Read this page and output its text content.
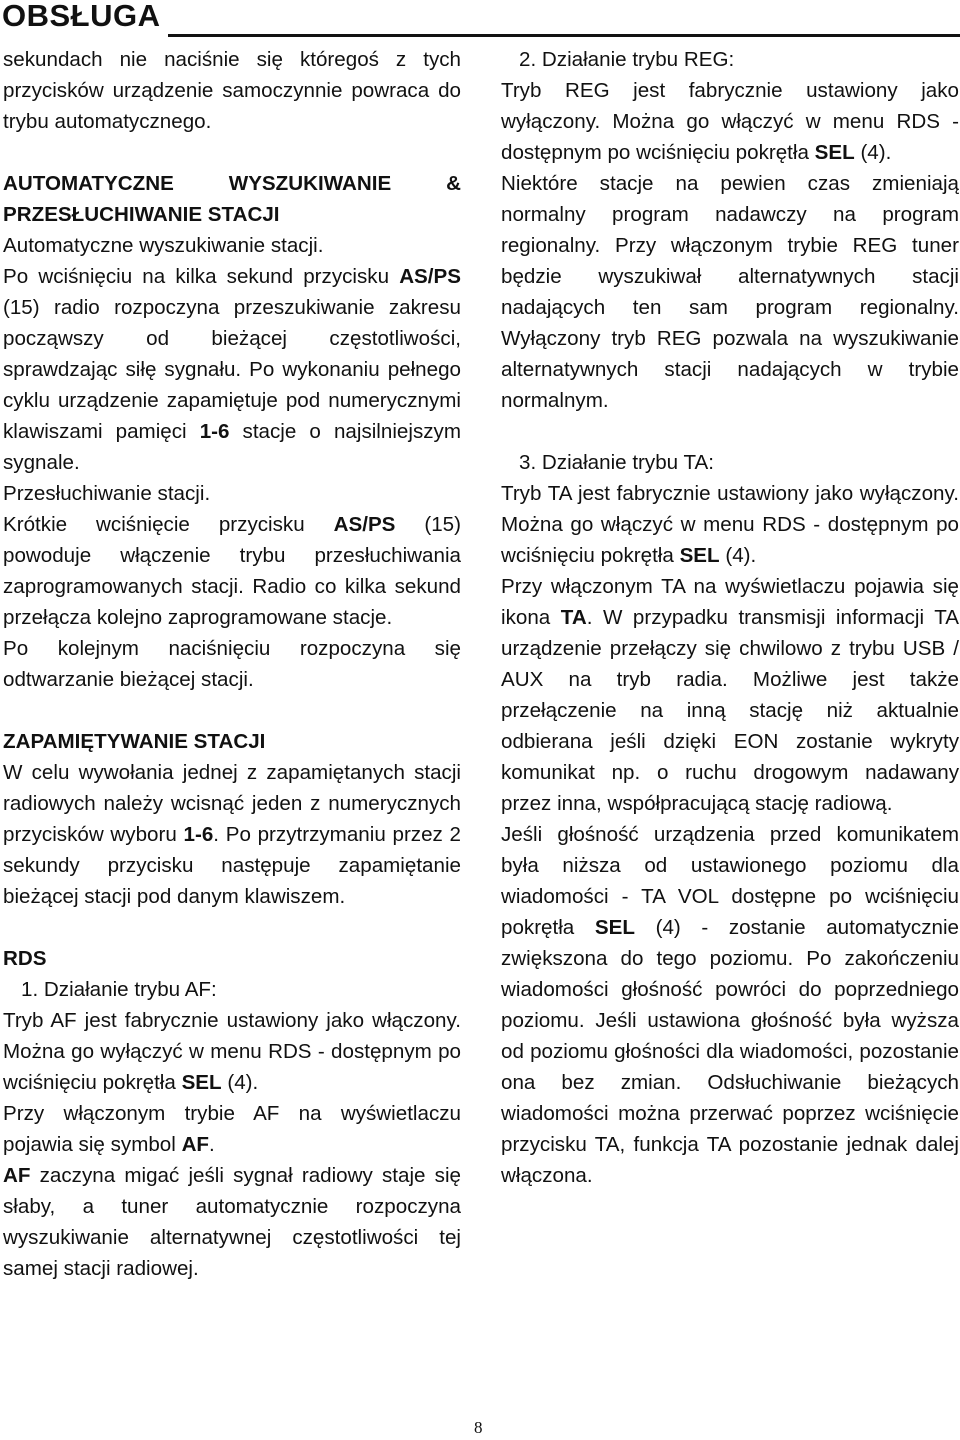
OBSŁUGA

sekundach nie naciśnie się któregoś z tych przycisków urządzenie samoczynnie powraca do trybu automatycznego.

AUTOMATYCZNE WYSZUKIWANIE & PRZESŁUCHIWANIE STACJI

Automatyczne wyszukiwanie stacji.

Po wciśnięciu na kilka sekund przycisku AS/PS (15) radio rozpoczyna przeszukiwanie zakresu począwszy od bieżącej częstotliwości, sprawdzając siłę sygnału. Po wykonaniu pełnego cyklu urządzenie zapamiętuje pod numerycznymi klawiszami pamięci 1-6 stacje o najsilniejszym sygnale.

Przesłuchiwanie stacji.

Krótkie wciśnięcie przycisku AS/PS (15) powoduje włączenie trybu przesłuchiwania zaprogramowanych stacji. Radio co kilka sekund przełącza kolejno zaprogramowane stacje.

Po kolejnym naciśnięciu rozpoczyna się odtwarzanie bieżącej stacji.

ZAPAMIĘTYWANIE STACJI

W celu wywołania jednej z zapamiętanych stacji radiowych należy wcisnąć jeden z numerycznych przycisków wyboru 1-6. Po przytrzymaniu przez 2 sekundy przycisku następuje zapamiętanie bieżącej stacji pod danym klawiszem.

RDS

1. Działanie trybu AF:

Tryb AF jest fabrycznie ustawiony jako włączony. Można go wyłączyć w menu RDS - dostępnym po wciśnięciu pokrętła SEL (4).

Przy włączonym trybie AF na wyświetlaczu pojawia się symbol AF.

AF zaczyna migać jeśli sygnał radiowy staje się słaby, a tuner automatycznie rozpoczyna wyszukiwanie alternatywnej częstotliwości tej samej stacji radiowej.

2. Działanie trybu REG:

Tryb REG jest fabrycznie ustawiony jako wyłączony. Można go włączyć w menu RDS - dostępnym po wciśnięciu pokrętła SEL (4).

Niektóre stacje na pewien czas zmieniają normalny program nadawczy na program regionalny. Przy włączonym trybie REG tuner będzie wyszukiwał alternatywnych stacji nadających ten sam program regionalny. Wyłączony tryb REG pozwala na wyszukiwanie alternatywnych stacji nadających w trybie normalnym.

3. Działanie trybu TA:

Tryb TA jest fabrycznie ustawiony jako wyłączony. Można go włączyć w menu RDS - dostępnym po wciśnięciu pokrętła SEL (4).

Przy włączonym TA na wyświetlaczu pojawia się ikona TA. W przypadku transmisji informacji TA urządzenie przełączy się chwilowo z trybu USB / AUX na tryb radia. Możliwe jest także przełączenie na inną stację niż aktualnie odbierana jeśli dzięki EON zostanie wykryty komunikat np. o ruchu drogowym nadawany przez inna, współpracującą stację radiową.

Jeśli głośność urządzenia przed komunikatem była niższa od ustawionego poziomu dla wiadomości - TA VOL dostępne po wciśnięciu pokrętła SEL (4) - zostanie automatycznie zwiększona do tego poziomu. Po zakończeniu wiadomości głośność powróci do poprzedniego poziomu. Jeśli ustawiona głośność była wyższa od poziomu głośności dla wiadomości, pozostanie ona bez zmian. Odsłuchiwanie bieżących wiadomości można przerwać poprzez wciśnięcie przycisku TA, funkcja TA pozostanie jednak dalej włączona.

8
